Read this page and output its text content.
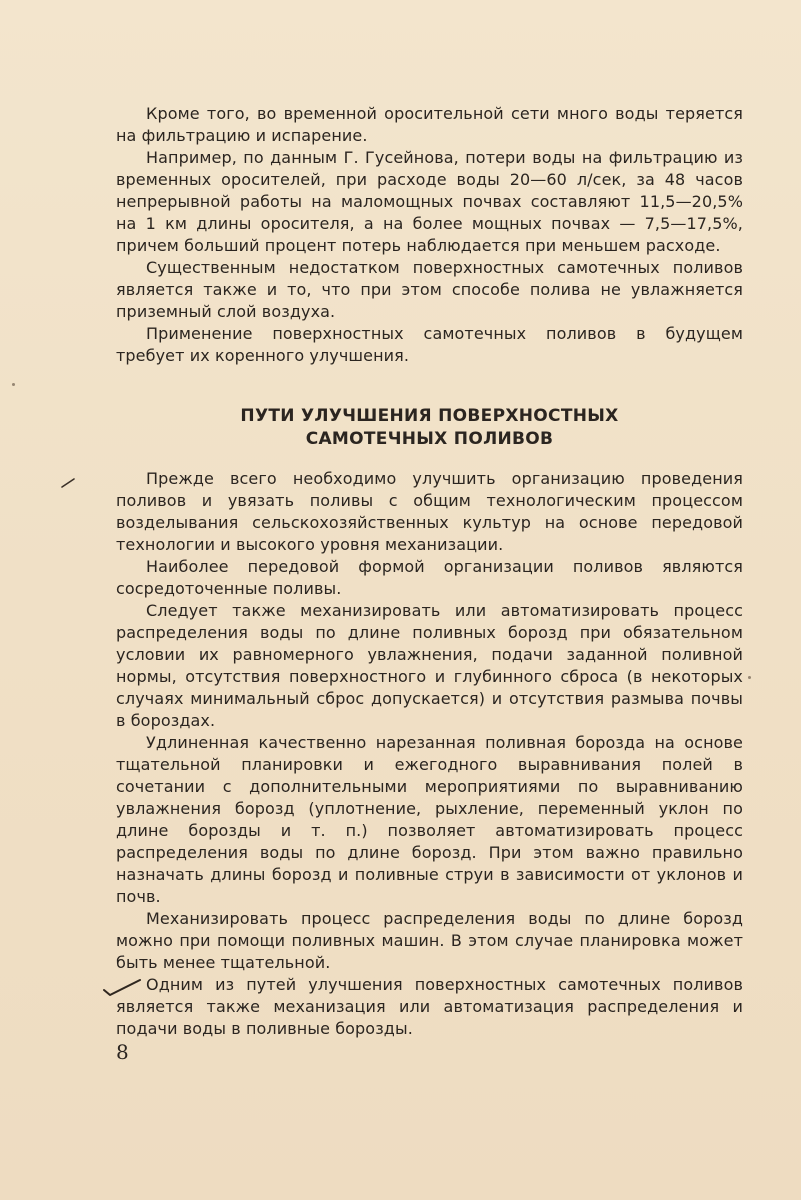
Кроме того, во временной оросительной сети много воды теряется на фильтрацию и испарение.

Например, по данным Г. Гусейнова, потери воды на фильтрацию из временных оросителей, при расходе воды 20—60 л/сек, за 48 часов непрерывной работы на маломощных почвах составляют 11,5—20,5% на 1 км длины оросителя, а на более мощных почвах — 7,5—17,5%, причем больший процент потерь наблюдается при меньшем расходе.

Существенным недостатком поверхностных самотечных поливов является также и то, что при этом способе полива не увлажняется приземный слой воздуха.

Применение поверхностных самотечных поливов в будущем требует их коренного улучшения.

ПУТИ УЛУЧШЕНИЯ ПОВЕРХНОСТНЫХ
САМОТЕЧНЫХ ПОЛИВОВ

Прежде всего необходимо улучшить организацию проведения поливов и увязать поливы с общим технологическим процессом возделывания сельскохозяйственных культур на основе передовой технологии и высокого уровня механизации.

Наиболее передовой формой организации поливов являются сосредоточенные поливы.

Следует также механизировать или автоматизировать процесс распределения воды по длине поливных борозд при обязательном условии их равномерного увлажнения, подачи заданной поливной нормы, отсутствия поверхностного и глубинного сброса (в некоторых случаях минимальный сброс допускается) и отсутствия размыва почвы в бороздах.

Удлиненная качественно нарезанная поливная борозда на основе тщательной планировки и ежегодного выравнивания полей в сочетании с дополнительными мероприятиями по выравниванию увлажнения борозд (уплотнение, рыхление, переменный уклон по длине борозды и т. п.) позволяет автоматизировать процесс распределения воды по длине борозд. При этом важно правильно назначать длины борозд и поливные струи в зависимости от уклонов и почв.

Механизировать процесс распределения воды по длине борозд можно при помощи поливных машин. В этом случае планировка может быть менее тщательной.

Одним из путей улучшения поверхностных самотечных поливов является также механизация или автоматизация распределения и подачи воды в поливные борозды.

8
